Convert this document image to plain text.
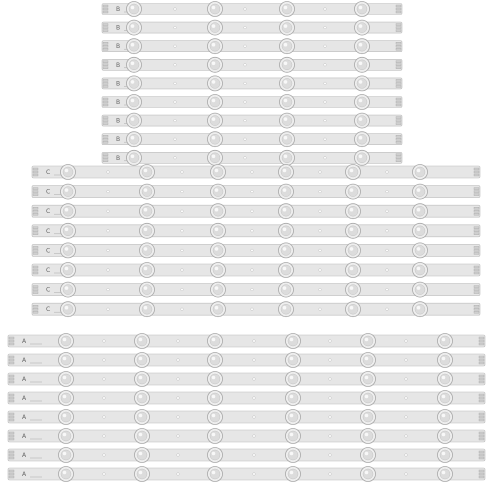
B
B
B
B
B
B
B
B
B
C
C
C
C
C
C
C
C
A
A
A
A
A
A
A
A
